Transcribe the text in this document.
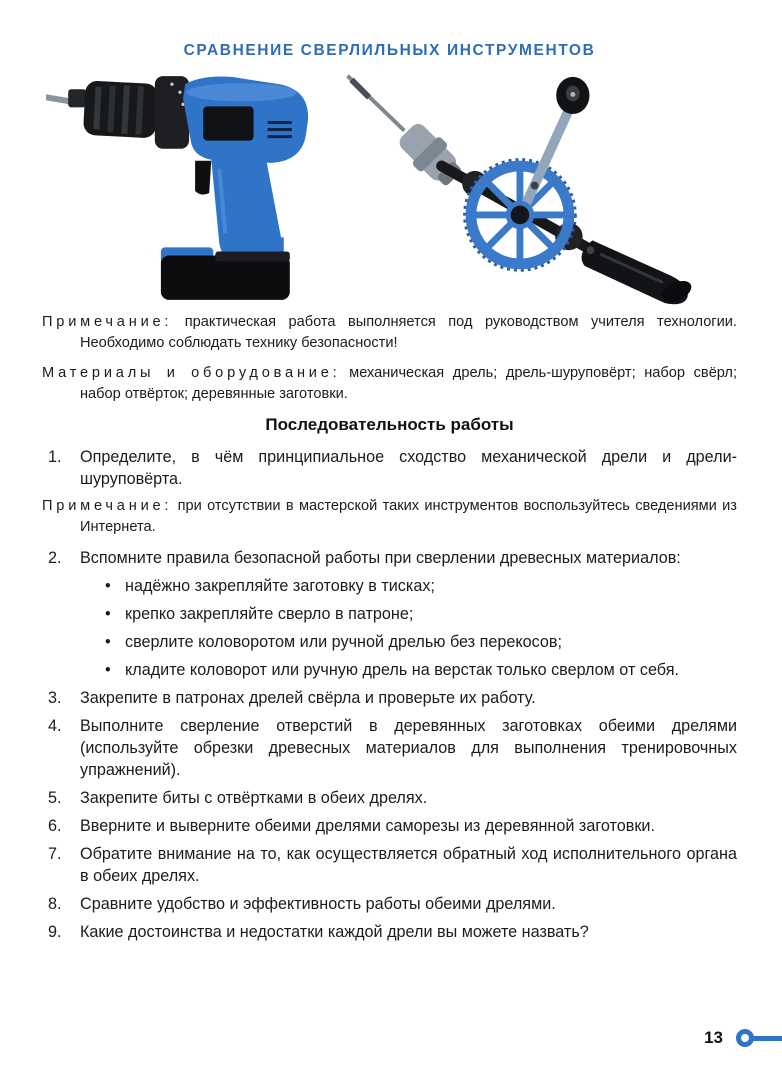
СРАВНЕНИЕ СВЕРЛИЛЬНЫХ ИНСТРУМЕНТОВ

Примечание: практическая работа выполняется под руководством учителя технологии. Необходимо соблюдать технику безопасности!

Материалы и оборудование: механическая дрель; дрель-шуруповёрт; набор свёрл; набор отвёрток; деревянные заготовки.

Последовательность работы
1.	Определите, в чём принципиальное сходство механической дрели и дрели-шуруповёрта.

Примечание: при отсутствии в мастерской таких инструментов воспользуйтесь сведениями из Интернета.

2.	Вспомните правила безопасной работы при сверлении древесных материалов:
• надёжно закрепляйте заготовку в тисках;
• крепко закрепляйте сверло в патроне;
• сверлите коловоротом или ручной дрелью без перекосов;
• кладите коловорот или ручную дрель на верстак только сверлом от себя.
3.	Закрепите в патронах дрелей свёрла и проверьте их работу.
4.	Выполните сверление отверстий в деревянных заготовках обеими дрелями (используйте обрезки древесных материалов для выполнения тренировочных упражнений).
5.	Закрепите биты с отвёртками в обеих дрелях.
6.	Вверните и выверните обеими дрелями саморезы из деревянной заготовки.
7.	Обратите внимание на то, как осуществляется обратный ход исполнительного органа в обеих дрелях.
8.	Сравните удобство и эффективность работы обеими дрелями.
9.	Какие достоинства и недостатки каждой дрели вы можете назвать?
13
